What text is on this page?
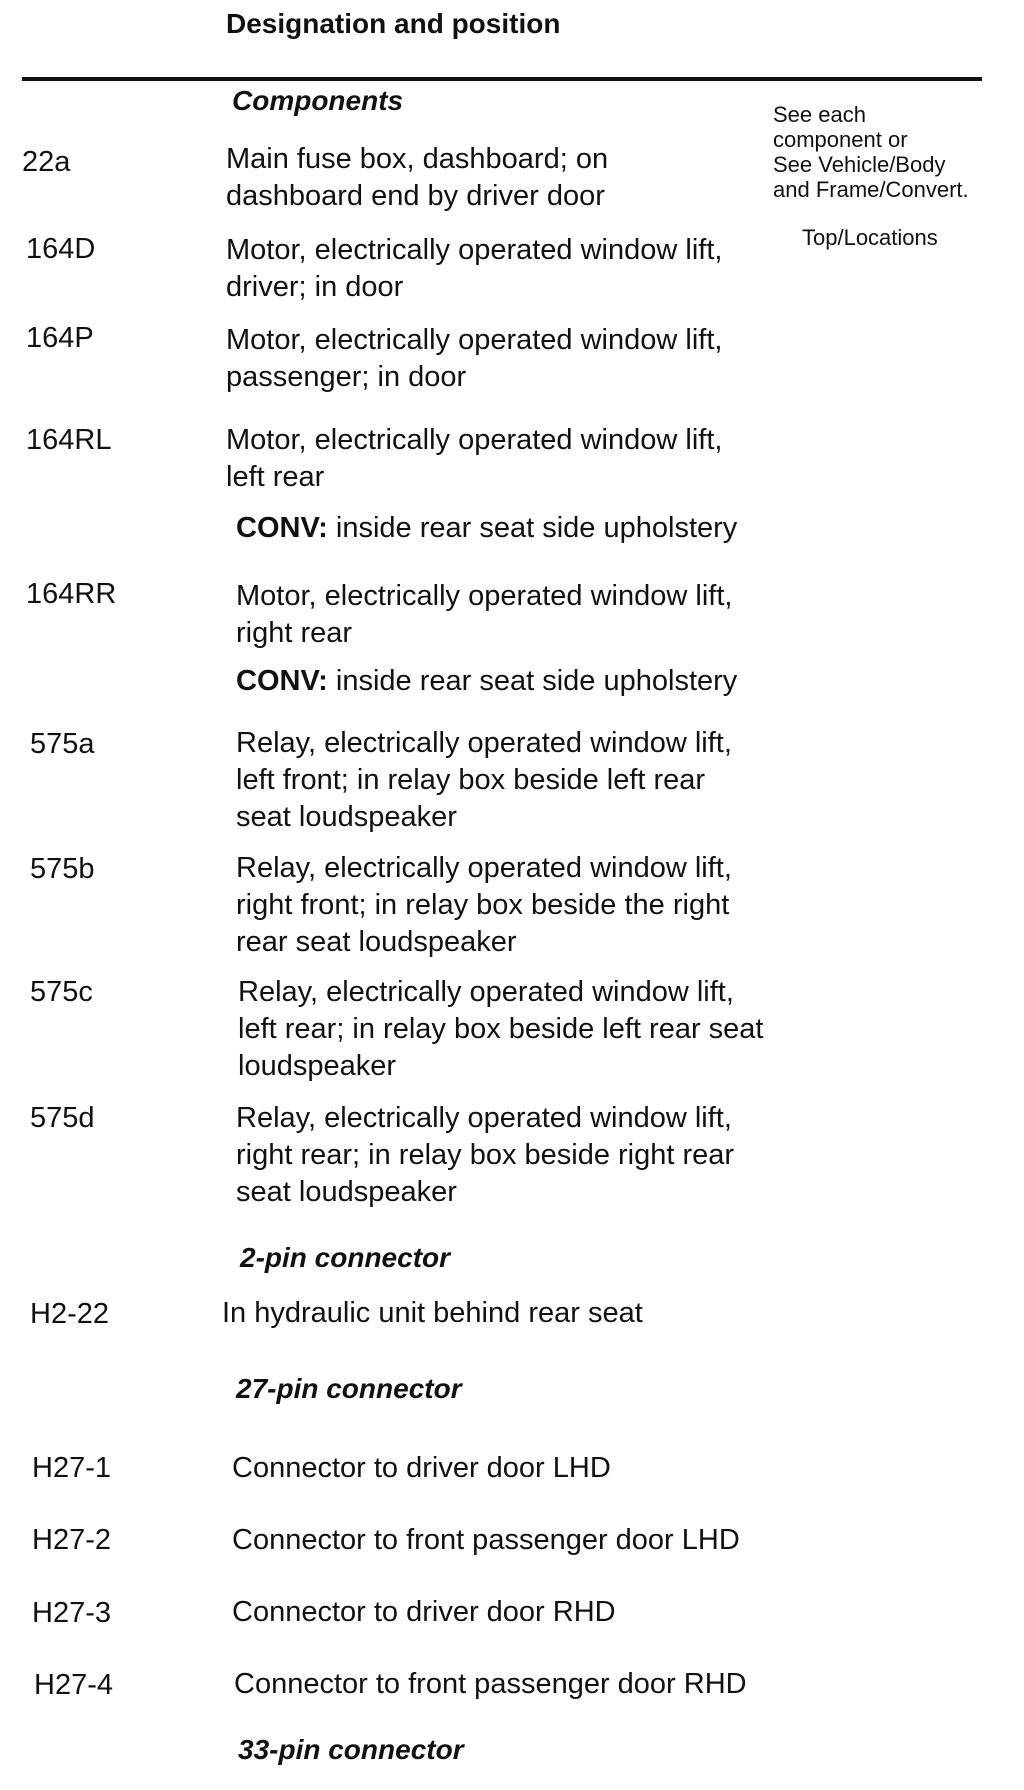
Designation and position
See each
component or
See Vehicle/Body
and Frame/Convert.
Top/Locations
Components
22a	Main fuse box, dashboard; on
dashboard end by driver door
164D	Motor, electrically operated window lift,
driver; in door
164P	Motor, electrically operated window lift,
passenger; in door
164RL	Motor, electrically operated window lift,
left rear
CONV: inside rear seat side upholstery
164RR	Motor, electrically operated window lift,
right rear
CONV: inside rear seat side upholstery
575a	Relay, electrically operated window lift,
left front; in relay box beside left rear
seat loudspeaker
575b	Relay, electrically operated window lift,
right front; in relay box beside the right
rear seat loudspeaker
575c	Relay, electrically operated window lift,
left rear; in relay box beside left rear seat
loudspeaker
575d	Relay, electrically operated window lift,
right rear; in relay box beside right rear
seat loudspeaker
2-pin connector
H2-22	In hydraulic unit behind rear seat
27-pin connector
H27-1	Connector to driver door LHD
H27-2	Connector to front passenger door LHD
H27-3	Connector to driver door RHD
H27-4	Connector to front passenger door RHD
33-pin connector
